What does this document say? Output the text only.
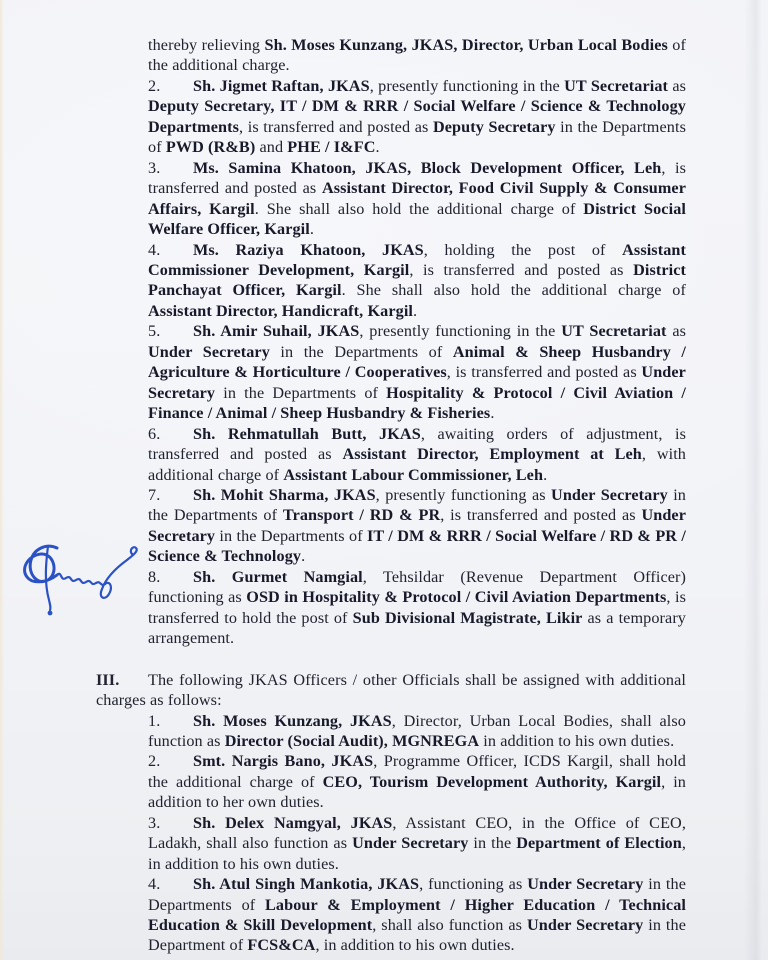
thereby relieving Sh. Moses Kunzang, JKAS, Director, Urban Local Bodies of the additional charge.

2. Sh. Jigmet Raftan, JKAS, presently functioning in the UT Secretariat as Deputy Secretary, IT / DM & RRR / Social Welfare / Science & Technology Departments, is transferred and posted as Deputy Secretary in the Departments of PWD (R&B) and PHE / I&FC.

3. Ms. Samina Khatoon, JKAS, Block Development Officer, Leh, is transferred and posted as Assistant Director, Food Civil Supply & Consumer Affairs, Kargil. She shall also hold the additional charge of District Social Welfare Officer, Kargil.

4. Ms. Raziya Khatoon, JKAS, holding the post of Assistant Commissioner Development, Kargil, is transferred and posted as District Panchayat Officer, Kargil. She shall also hold the additional charge of Assistant Director, Handicraft, Kargil.

5. Sh. Amir Suhail, JKAS, presently functioning in the UT Secretariat as Under Secretary in the Departments of Animal & Sheep Husbandry / Agriculture & Horticulture / Cooperatives, is transferred and posted as Under Secretary in the Departments of Hospitality & Protocol / Civil Aviation / Finance / Animal / Sheep Husbandry & Fisheries.

6. Sh. Rehmatullah Butt, JKAS, awaiting orders of adjustment, is transferred and posted as Assistant Director, Employment at Leh, with additional charge of Assistant Labour Commissioner, Leh.

7. Sh. Mohit Sharma, JKAS, presently functioning as Under Secretary in the Departments of Transport / RD & PR, is transferred and posted as Under Secretary in the Departments of IT / DM & RRR / Social Welfare / RD & PR / Science & Technology.

8. Sh. Gurmet Namgial, Tehsildar (Revenue Department Officer) functioning as OSD in Hospitality & Protocol / Civil Aviation Departments, is transferred to hold the post of Sub Divisional Magistrate, Likir as a temporary arrangement.

III. The following JKAS Officers / other Officials shall be assigned with additional charges as follows:

1. Sh. Moses Kunzang, JKAS, Director, Urban Local Bodies, shall also function as Director (Social Audit), MGNREGA in addition to his own duties.

2. Smt. Nargis Bano, JKAS, Programme Officer, ICDS Kargil, shall hold the additional charge of CEO, Tourism Development Authority, Kargil, in addition to her own duties.

3. Sh. Delex Namgyal, JKAS, Assistant CEO, in the Office of CEO, Ladakh, shall also function as Under Secretary in the Department of Election, in addition to his own duties.

4. Sh. Atul Singh Mankotia, JKAS, functioning as Under Secretary in the Departments of Labour & Employment / Higher Education / Technical Education & Skill Development, shall also function as Under Secretary in the Department of FCS&CA, in addition to his own duties.
